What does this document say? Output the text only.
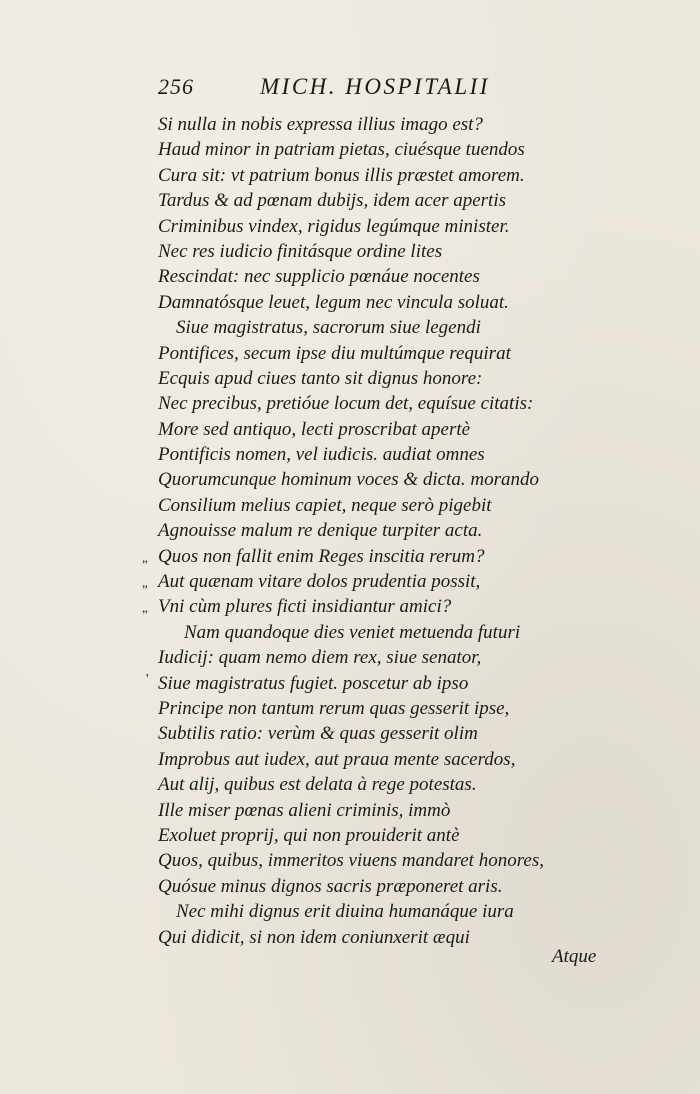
256	MICH. HOSPITALII
Si nulla in nobis expressa illius imago est?
Haud minor in patriam pietas, ciuésque tuendos
Cura sit: vt patrium bonus illis præstet amorem.
Tardus & ad pœnam dubiјs, idem acer apertis
Criminibus vindex, rigidus legúmque minister.
Nec res iudicio finitásque ordine lites
Rescindat: nec supplicio pœnáue nocentes
Damnatósque leuet, legum nec vincula soluat.
Siue magistratus, sacrorum siue legendi
Pontifices, secum ipse diu multúmque requirat
Ecquis apud ciues tanto sit dignus honore:
Nec precibus, pretióue locum det, equísue citatis:
More sed antiquo, lecti proscribat apertè
Pontificis nomen, vel iudicis. audiat omnes
Quorumcunque hominum voces & dicta. morando
Consilium melius capiet, neque serò pigebit
Agnouisse malum re denique turpiter acta.
„ Quos non fallit enim Reges inscitia rerum?
„ Aut quænam vitare dolos prudentia possit,
„ Vni cùm plures ficti insidiantur amici?
Nam quandoque dies veniet metuenda futuri
Iudicij: quam nemo diem rex, siue senator,
' Siue magistratus fugiet. poscetur ab ipso
Principe non tantum rerum quas gesserit ipse,
Subtilis ratio: verùm & quas gesserit olim
Improbus aut iudex, aut praua mente sacerdos,
Aut alij, quibus est delata à rege potestas.
Ille miser pœnas alieni criminis, immò
Exoluet proprij, qui non prouiderit antè
Quos, quibus, immeritos viuens mandaret honores,
Quósue minus dignos sacris præponeret aris.
Nec mihi dignus erit diuina humanáque iura
Qui didicit, si non idem coniunxerit æqui
Atque
